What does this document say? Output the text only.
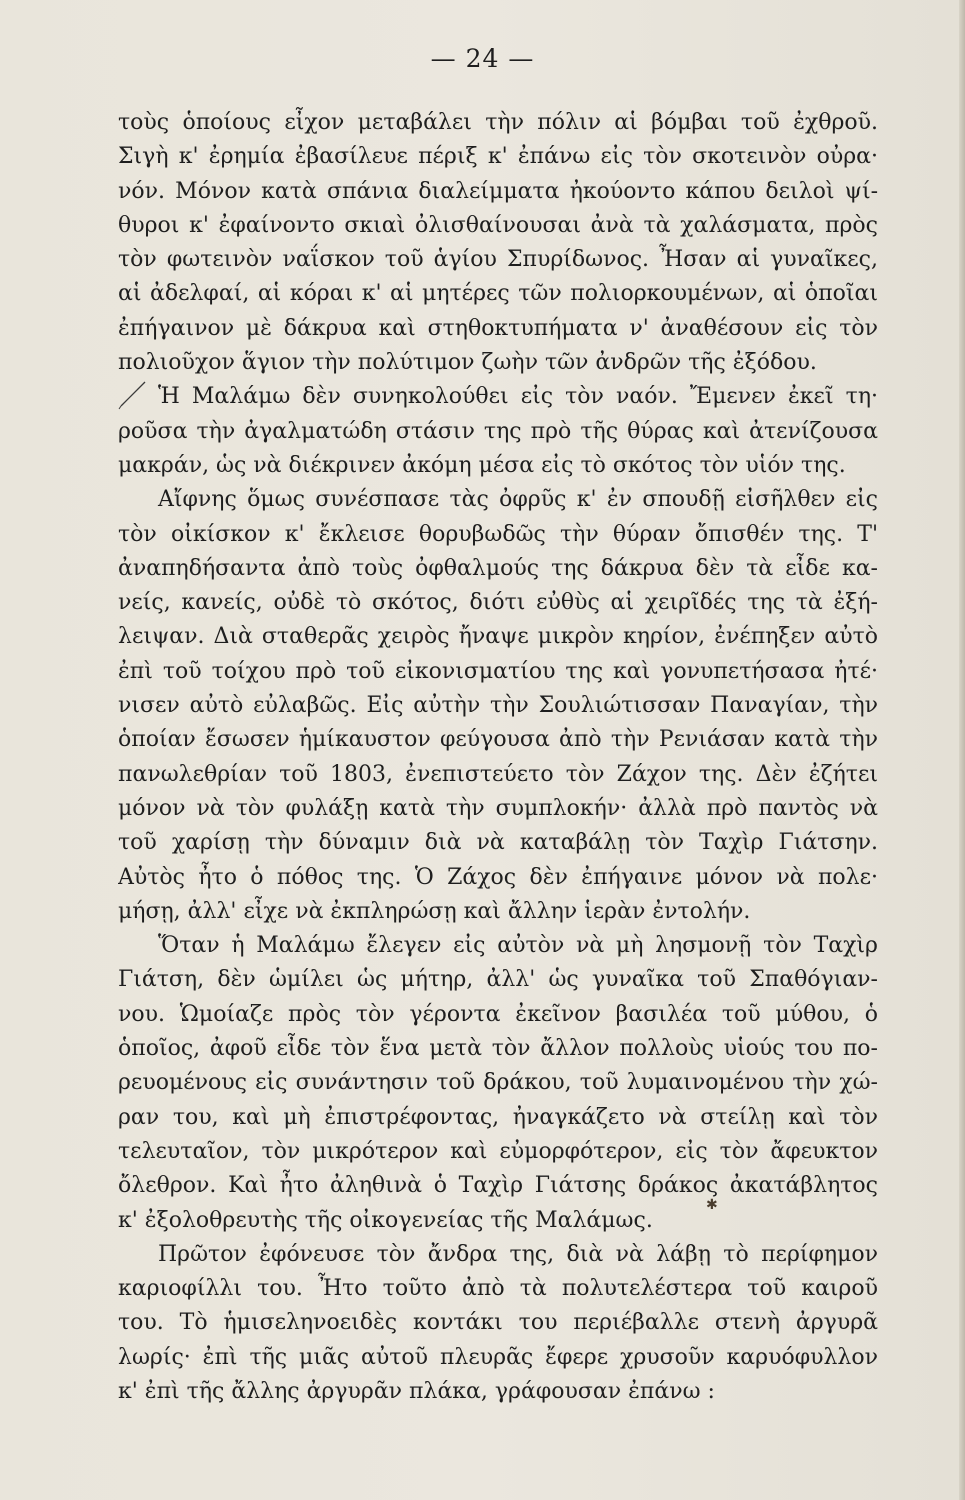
— 24 —
✱
τοὺς ὁποίους εἶχον μεταβάλει τὴν πόλιν αἱ βόμβαι τοῦ ἐχθροῦ.
Σιγὴ κ' ἐρημία ἐβασίλευε πέριξ κ' ἐπάνω εἰς τὸν σκοτεινὸν οὐρα·
νόν. Μόνον κατὰ σπάνια διαλείμματα ἠκούοντο κάπου δειλοὶ ψί-
θυροι κ' ἐφαίνοντο σκιαὶ ὀλισθαίνουσαι ἀνὰ τὰ χαλάσματα, πρὸς
τὸν φωτεινὸν ναΐσκον τοῦ ἁγίου Σπυρίδωνος. Ἦσαν αἱ γυναῖκες,
αἱ ἀδελφαί, αἱ κόραι κ' αἱ μητέρες τῶν πολιορκουμένων, αἱ ὁποῖαι
ἐπήγαινον μὲ δάκρυα καὶ στηθοκτυπήματα ν' ἀναθέσουν εἰς τὸν
πολιοῦχον ἅγιον τὴν πολύτιμον ζωὴν τῶν ἀνδρῶν τῆς ἐξόδου.
Ἡ Μαλάμω δὲν συνηκολούθει εἰς τὸν ναόν. Ἔμενεν ἐκεῖ τη·
ροῦσα τὴν ἀγαλματώδη στάσιν της πρὸ τῆς θύρας καὶ ἀτενίζουσα
μακράν, ὡς νὰ διέκρινεν ἀκόμη μέσα εἰς τὸ σκότος τὸν υἱόν της.
Αἴφνης ὅμως συνέσπασε τὰς ὀφρῦς κ' ἐν σπουδῇ εἰσῆλθεν εἰς
τὸν οἰκίσκον κ' ἔκλεισε θορυβωδῶς τὴν θύραν ὄπισθέν της. Τ'
ἀναπηδήσαντα ἀπὸ τοὺς ὀφθαλμούς της δάκρυα δὲν τὰ εἶδε κα-
νείς, κανείς, οὐδὲ τὸ σκότος, διότι εὐθὺς αἱ χειρῖδές της τὰ ἐξή-
λειψαν. Διὰ σταθερᾶς χειρὸς ἤναψε μικρὸν κηρίον, ἐνέπηξεν αὐτὸ
ἐπὶ τοῦ τοίχου πρὸ τοῦ εἰκονισματίου της καὶ γονυπετήσασα ἠτέ·
νισεν αὐτὸ εὐλαβῶς. Εἰς αὐτὴν τὴν Σουλιώτισσαν Παναγίαν, τὴν
ὁποίαν ἔσωσεν ἡμίκαυστον φεύγουσα ἀπὸ τὴν Ρενιάσαν κατὰ τὴν
πανωλεθρίαν τοῦ 1803, ἐνεπιστεύετο τὸν Ζάχον της. Δὲν ἐζήτει
μόνον νὰ τὸν φυλάξῃ κατὰ τὴν συμπλοκήν· ἀλλὰ πρὸ παντὸς νὰ
τοῦ χαρίσῃ τὴν δύναμιν διὰ νὰ καταβάλῃ τὸν Ταχὶρ Γιάτσην.
Αὐτὸς ἦτο ὁ πόθος της. Ὁ Ζάχος δὲν ἐπήγαινε μόνον νὰ πολε·
μήσῃ, ἀλλ' εἶχε νὰ ἐκπληρώσῃ καὶ ἄλλην ἱερὰν ἐντολήν.
Ὅταν ἡ Μαλάμω ἔλεγεν εἰς αὐτὸν νὰ μὴ λησμονῇ τὸν Ταχὶρ
Γιάτση, δὲν ὡμίλει ὡς μήτηρ, ἀλλ' ὡς γυναῖκα τοῦ Σπαθόγιαν-
νου. Ὡμοίαζε πρὸς τὸν γέροντα ἐκεῖνον βασιλέα τοῦ μύθου, ὁ
ὁποῖος, ἀφοῦ εἶδε τὸν ἕνα μετὰ τὸν ἄλλον πολλοὺς υἱούς του πο-
ρευομένους εἰς συνάντησιν τοῦ δράκου, τοῦ λυμαινομένου τὴν χώ-
ραν του, καὶ μὴ ἐπιστρέφοντας, ἠναγκάζετο νὰ στείλῃ καὶ τὸν
τελευταῖον, τὸν μικρότερον καὶ εὐμορφότερον, εἰς τὸν ἄφευκτον
ὄλεθρον. Καὶ ἦτο ἀληθινὰ ὁ Ταχὶρ Γιάτσης δράκος ἀκατάβλητος
κ' ἐξολοθρευτὴς τῆς οἰκογενείας τῆς Μαλάμως.
Πρῶτον ἐφόνευσε τὸν ἄνδρα της, διὰ νὰ λάβῃ τὸ περίφημον
καριοφίλλι του. Ἦτο τοῦτο ἀπὸ τὰ πολυτελέστερα τοῦ καιροῦ
του. Τὸ ἡμισεληνοειδὲς κοντάκι του περιέβαλλε στενὴ ἀργυρᾶ
λωρίς· ἐπὶ τῆς μιᾶς αὐτοῦ πλευρᾶς ἔφερε χρυσοῦν καρυόφυλλον
κ' ἐπὶ τῆς ἄλλης ἀργυρᾶν πλάκα, γράφουσαν ἐπάνω :
